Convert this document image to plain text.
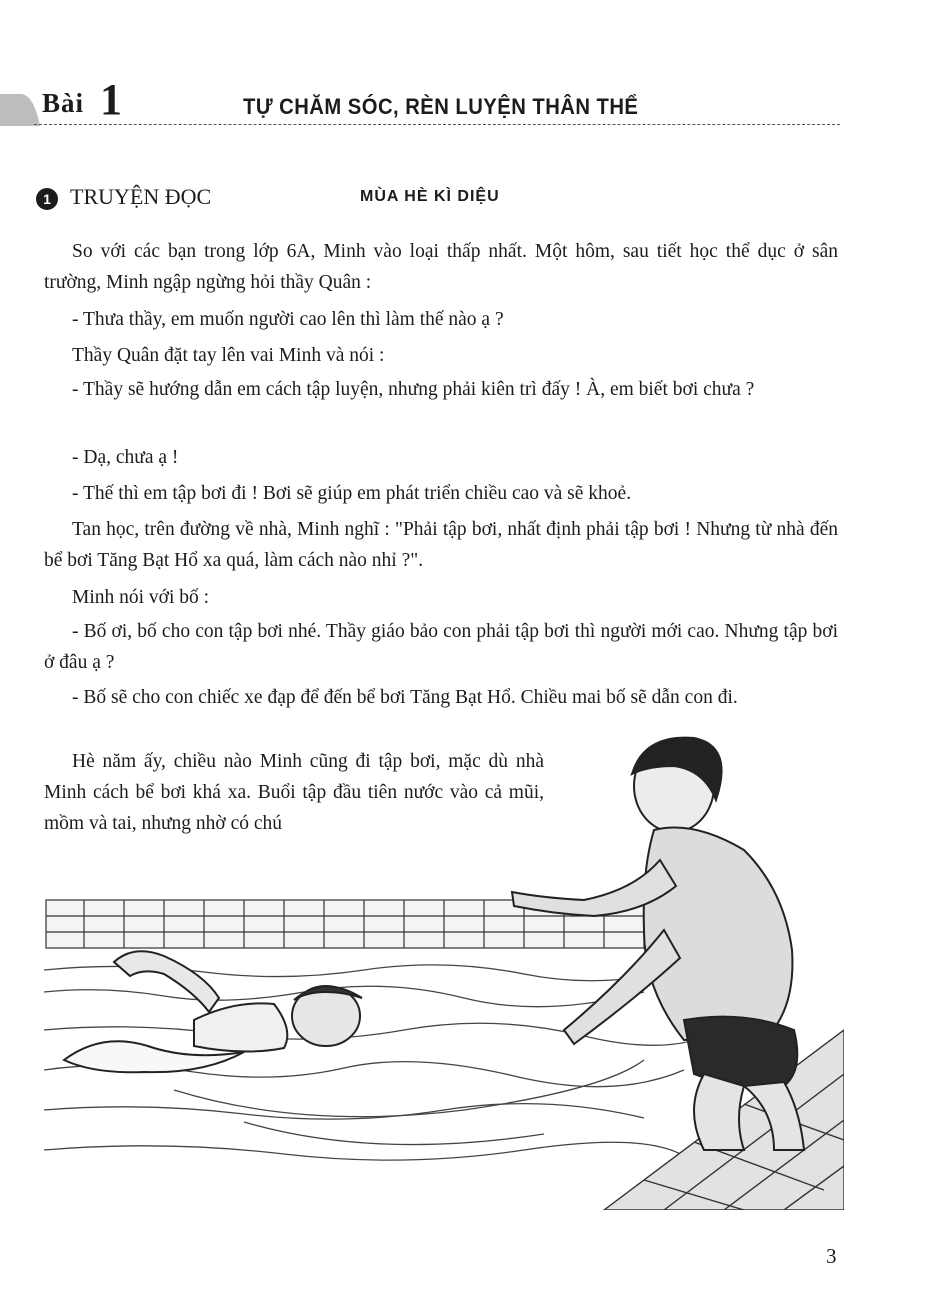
Bài 1	TỰ CHĂM SÓC, RÈN LUYỆN THÂN THỂ
1 TRUYỆN ĐỌC	MÙA HÈ KÌ DIỆU
So với các bạn trong lớp 6A, Minh vào loại thấp nhất. Một hôm, sau tiết học thể dục ở sân trường, Minh ngập ngừng hỏi thầy Quân :
- Thưa thầy, em muốn người cao lên thì làm thế nào ạ ?
Thầy Quân đặt tay lên vai Minh và nói :
- Thầy sẽ hướng dẫn em cách tập luyện, nhưng phải kiên trì đấy ! À, em biết bơi chưa ?
- Dạ, chưa ạ !
- Thế thì em tập bơi đi ! Bơi sẽ giúp em phát triển chiều cao và sẽ khoẻ.
Tan học, trên đường về nhà, Minh nghĩ : "Phải tập bơi, nhất định phải tập bơi ! Nhưng từ nhà đến bể bơi Tăng Bạt Hổ xa quá, làm cách nào nhỉ ?".
Minh nói với bố :
- Bố ơi, bố cho con tập bơi nhé. Thầy giáo bảo con phải tập bơi thì người mới cao. Nhưng tập bơi ở đâu ạ ?
- Bố sẽ cho con chiếc xe đạp để đến bể bơi Tăng Bạt Hổ. Chiều mai bố sẽ dẫn con đi.
Hè năm ấy, chiều nào Minh cũng đi tập bơi, mặc dù nhà Minh cách bể bơi khá xa. Buổi tập đầu tiên nước vào cả mũi, mồm và tai, nhưng nhờ có chú
3
